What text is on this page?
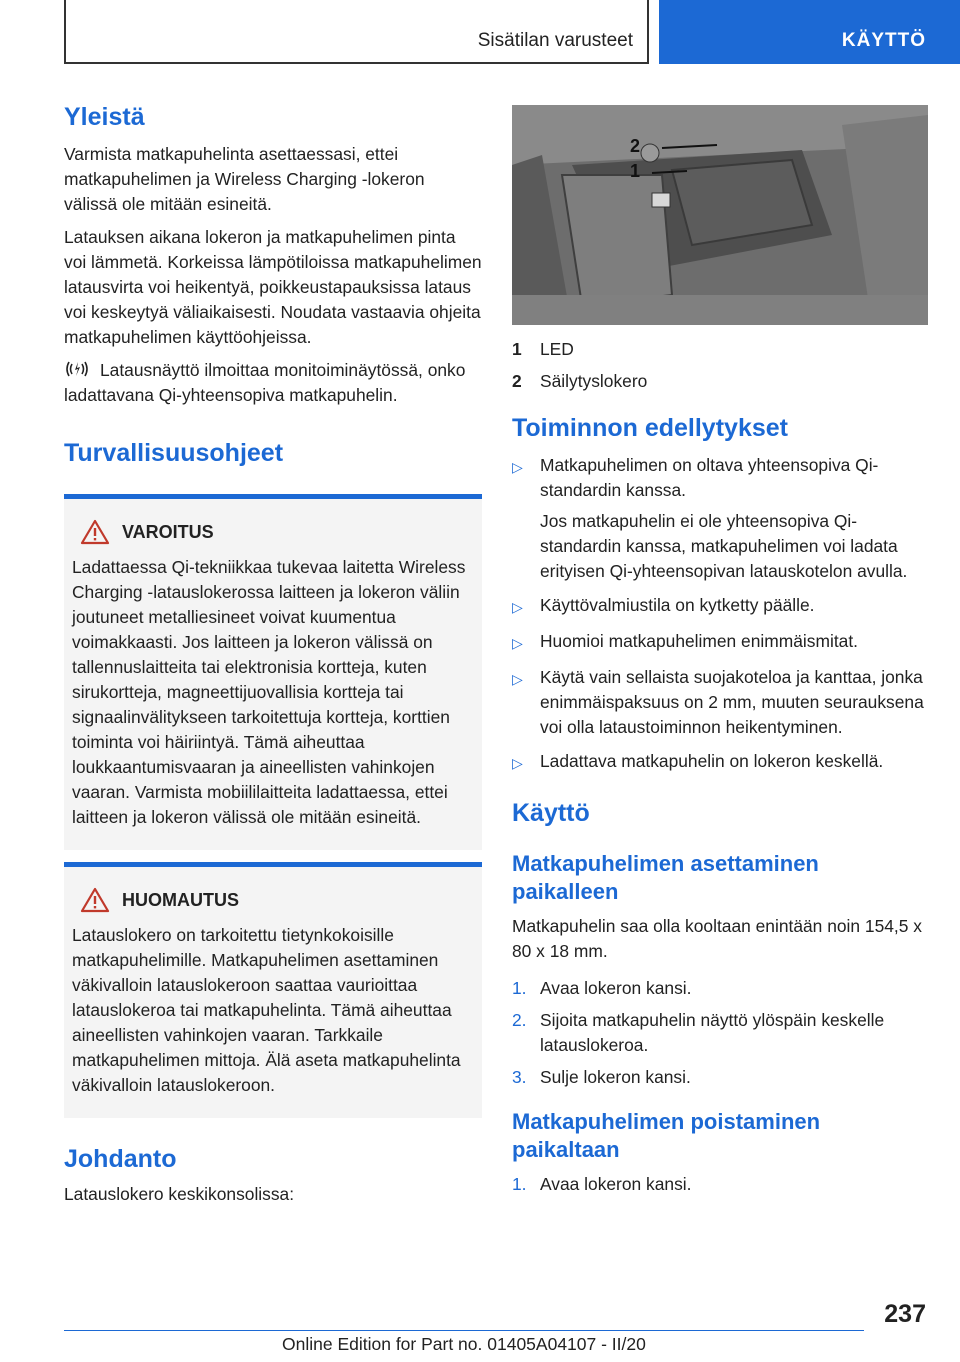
Sisätilan varusteet	KÄYTTÖ
Yleistä

Varmista matkapuhelinta asettaessasi, ettei matkapuhelimen ja Wireless Charging -lokeron välissä ole mitään esineitä.

Latauksen aikana lokeron ja matkapuhelimen pinta voi lämmetä. Korkeissa lämpötiloissa matkapuhelimen latausvirta voi heikentyä, poikkeustapauksissa lataus voi keskeytyä väliaikaisesti. Noudata vastaavia ohjeita matkapuhelimen käyttöohjeissa.

Latausnäyttö ilmoittaa monitoiminäytössä, onko ladattavana Qi-yhteensopiva matkapuhelin.

Turvallisuusohjeet
VAROITUS

Ladattaessa Qi-tekniikkaa tukevaa laitetta Wireless Charging -latauslokerossa laitteen ja lokeron väliin joutuneet metalliesineet voivat kuumentua voimakkaasti. Jos laitteen ja lokeron välissä on tallennuslaitteita tai elektronisia kortteja, kuten sirukortteja, magneettijuovallisia kortteja tai signaalinvälitykseen tarkoitettuja kortteja, korttien toiminta voi häiriintyä. Tämä aiheuttaa loukkaantumisvaaran ja aineellisten vahinkojen vaaran. Varmista mobiililaitteita ladattaessa, ettei laitteen ja lokeron välissä ole mitään esineitä.

HUOMAUTUS

Latauslokero on tarkoitettu tietynkokoisille matkapuhelimille. Matkapuhelimen asettaminen väkivalloin latauslokeroon saattaa vaurioittaa latauslokeroa tai matkapuhelinta. Tämä aiheuttaa aineellisten vahinkojen vaaran. Tarkkaile matkapuhelimen mittoja. Älä aseta matkapuhelinta väkivalloin latauslokeroon.

Johdanto

Latauslokero keskikonsolissa:

2
1
1	LED
2	Säilytyslokero
Toiminnon edellytykset
▷ Matkapuhelimen on oltava yhteensopiva Qi-standardin kanssa.
Jos matkapuhelin ei ole yhteensopiva Qi-standardin kanssa, matkapuhelimen voi ladata erityisen Qi-yhteensopivan latauskotelon avulla.
▷ Käyttövalmiustila on kytketty päälle.
▷ Huomioi matkapuhelimen enimmäismitat.
▷ Käytä vain sellaista suojakoteloa ja kanttaa, jonka enimmäispaksuus on 2 mm, muuten seurauksena voi olla lataustoiminnon heikentyminen.
▷ Ladattava matkapuhelin on lokeron keskellä.
Käyttö
Matkapuhelimen asettaminen paikalleen

Matkapuhelin saa olla kooltaan enintään noin 154,5 x 80 x 18 mm.

1. Avaa lokeron kansi.
2. Sijoita matkapuhelin näyttö ylöspäin keskelle latauslokeroa.
3. Sulje lokeron kansi.
Matkapuhelimen poistaminen paikaltaan
1. Avaa lokeron kansi.
237
Online Edition for Part no. 01405A04107 - II/20
